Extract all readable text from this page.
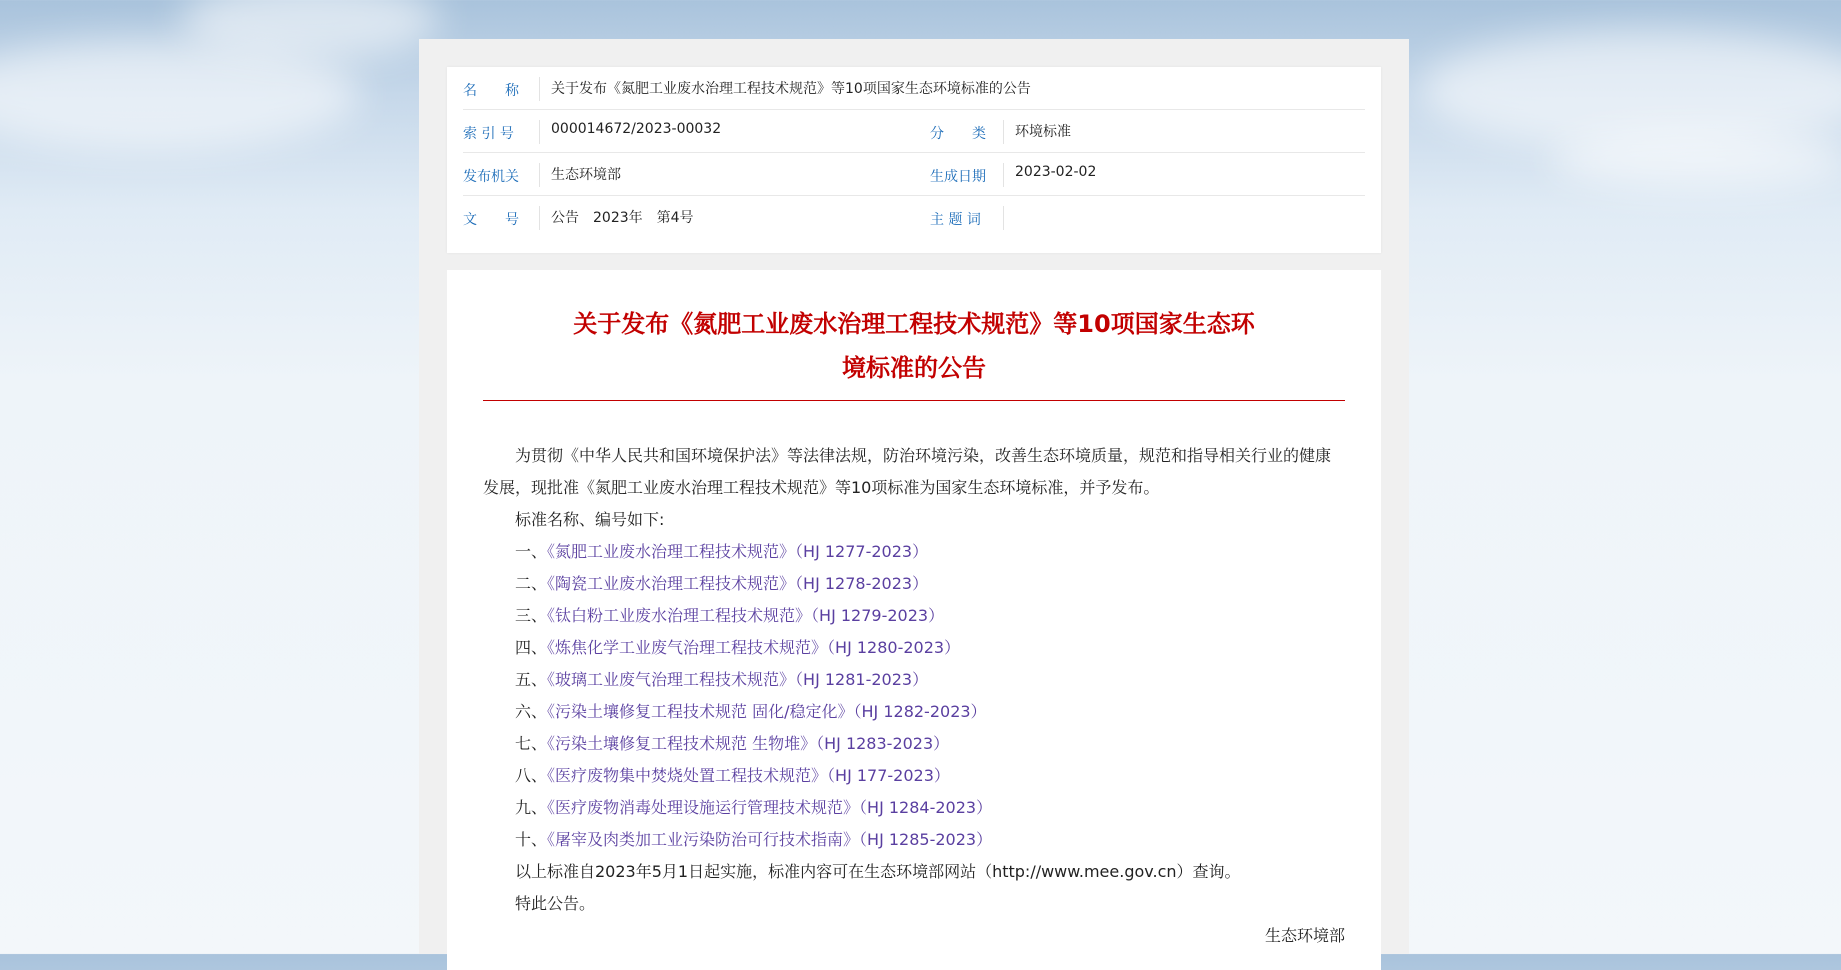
名　　称 关于发布《氮肥工业废水治理工程技术规范》等10项国家生态环境标准的公告
索 引 号	000014672/2023-00032	分　　类 环境标准
发布机关 生态环境部	生成日期 2023-02-02
文　　号 公告　2023年　第4号	主 题 词
关于发布《氮肥工业废水治理工程技术规范》等10项国家生态环
境标准的公告

为贯彻《中华人民共和国环境保护法》等法律法规，防治环境污染，改善生态环境质量，规范和指导相关行业的健康发展，现批准《氮肥工业废水治理工程技术规范》等10项标准为国家生态环境标准，并予发布。

标准名称、编号如下:

一、《氮肥工业废水治理工程技术规范》（HJ 1277-2023）
二、《陶瓷工业废水治理工程技术规范》（HJ 1278-2023）
三、《钛白粉工业废水治理工程技术规范》（HJ 1279-2023）
四、《炼焦化学工业废气治理工程技术规范》（HJ 1280-2023）
五、《玻璃工业废气治理工程技术规范》（HJ 1281-2023）
六、《污染土壤修复工程技术规范 固化/稳定化》（HJ 1282-2023）
七、《污染土壤修复工程技术规范 生物堆》（HJ 1283-2023）
八、《医疗废物集中焚烧处置工程技术规范》（HJ 177-2023）
九、《医疗废物消毒处理设施运行管理技术规范》（HJ 1284-2023）
十、《屠宰及肉类加工业污染防治可行技术指南》（HJ 1285-2023）

以上标准自2023年5月1日起实施，标准内容可在生态环境部网站（http://www.mee.gov.cn）查询。

特此公告。

生态环境部
